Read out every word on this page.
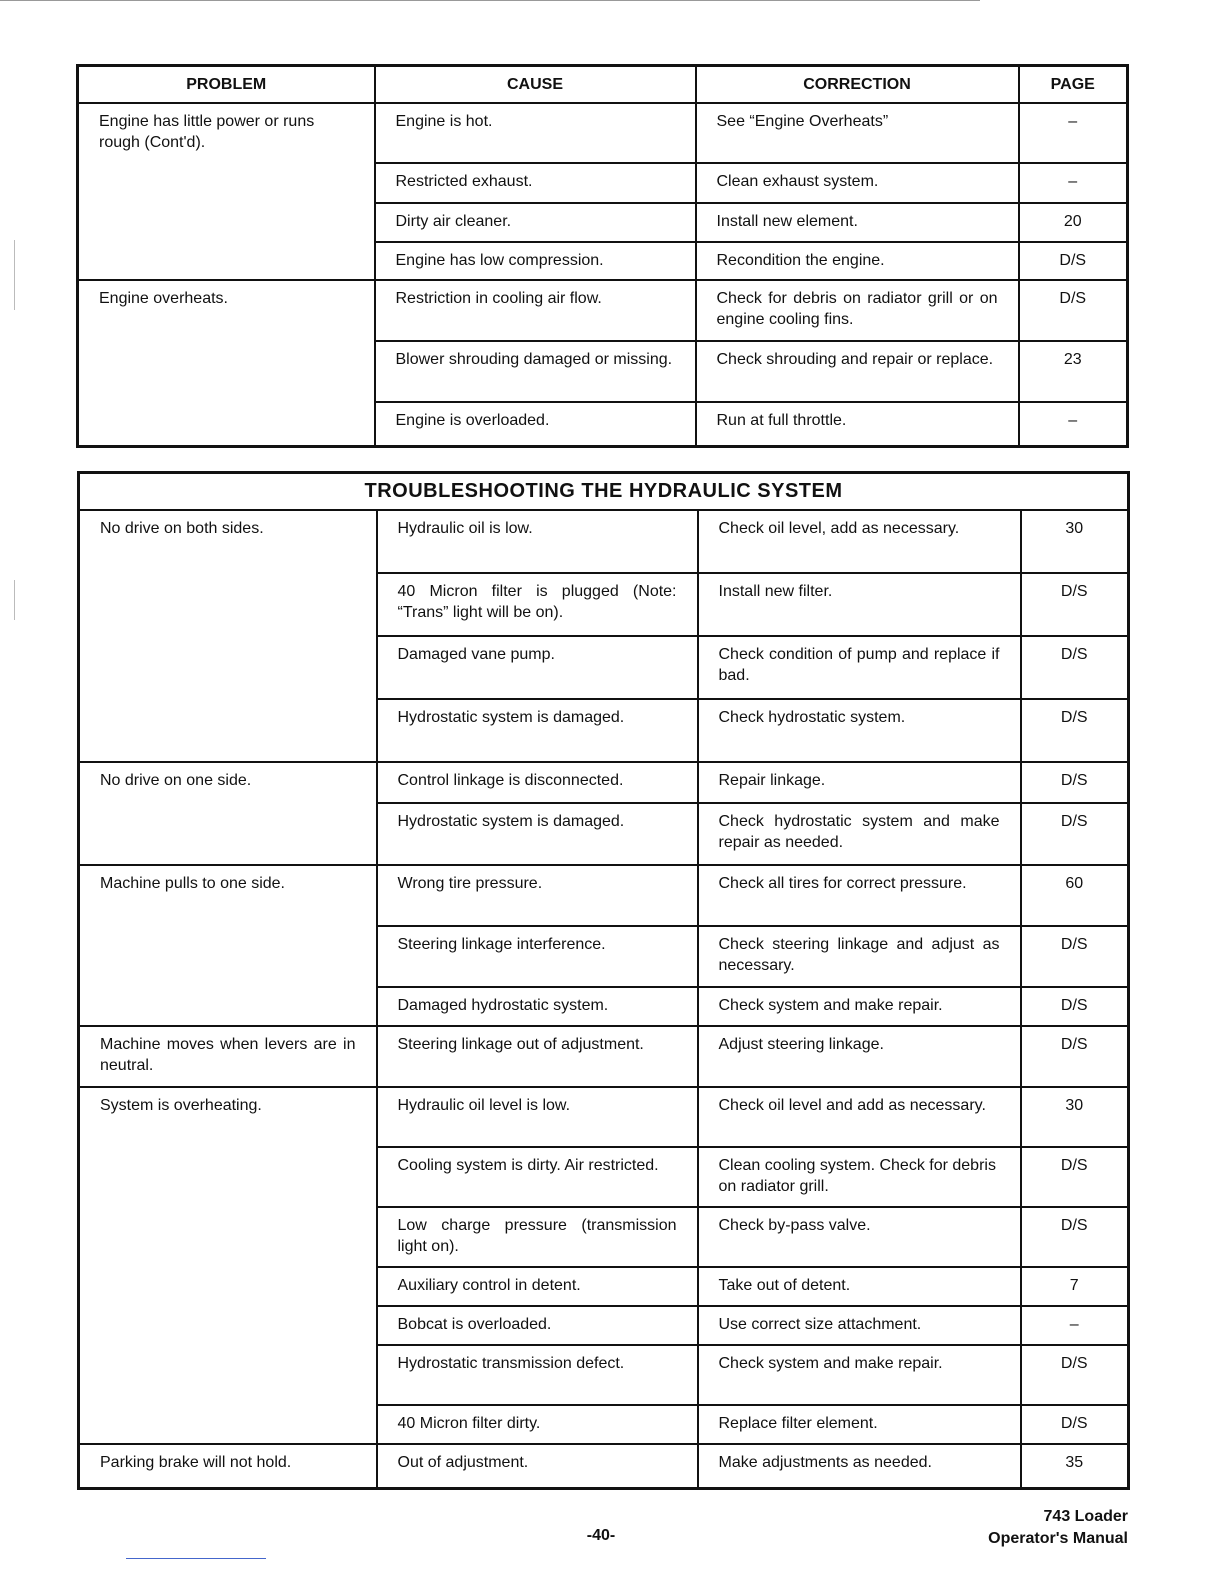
PROBLEM	CAUSE	CORRECTION	PAGE
Engine has little power or runs rough (Cont'd).	Engine is hot.	See “Engine Overheats”	–
	Restricted exhaust.	Clean exhaust system.	–
	Dirty air cleaner.	Install new element.	20
	Engine has low compression.	Recondition the engine.	D/S
Engine overheats.	Restriction in cooling air flow.	Check for debris on radiator grill or on engine cooling fins.	D/S
	Blower shrouding damaged or missing.	Check shrouding and repair or replace.	23
	Engine is overloaded.	Run at full throttle.	–
TROUBLESHOOTING THE HYDRAULIC SYSTEM			
No drive on both sides.	Hydraulic oil is low.	Check oil level, add as necessary.	30
	40 Micron filter is plugged (Note: “Trans” light will be on).	Install new filter.	D/S
	Damaged vane pump.	Check condition of pump and replace if bad.	D/S
	Hydrostatic system is damaged.	Check hydrostatic system.	D/S
No drive on one side.	Control linkage is disconnected.	Repair linkage.	D/S
	Hydrostatic system is damaged.	Check hydrostatic system and make repair as needed.	D/S
Machine pulls to one side.	Wrong tire pressure.	Check all tires for correct pressure.	60
	Steering linkage interference.	Check steering linkage and adjust as necessary.	D/S
	Damaged hydrostatic system.	Check system and make repair.	D/S
Machine moves when levers are in neutral.	Steering linkage out of adjustment.	Adjust steering linkage.	D/S
System is overheating.	Hydraulic oil level is low.	Check oil level and add as necessary.	30
	Cooling system is dirty. Air restricted.	Clean cooling system. Check for debris on radiator grill.	D/S
	Low charge pressure (transmission light on).	Check by-pass valve.	D/S
	Auxiliary control in detent.	Take out of detent.	7
	Bobcat is overloaded.	Use correct size attachment.	–
	Hydrostatic transmission defect.	Check system and make repair.	D/S
	40 Micron filter dirty.	Replace filter element.	D/S
Parking brake will not hold.	Out of adjustment.	Make adjustments as needed.	35
743 Loader
Operator's Manual
-40-
